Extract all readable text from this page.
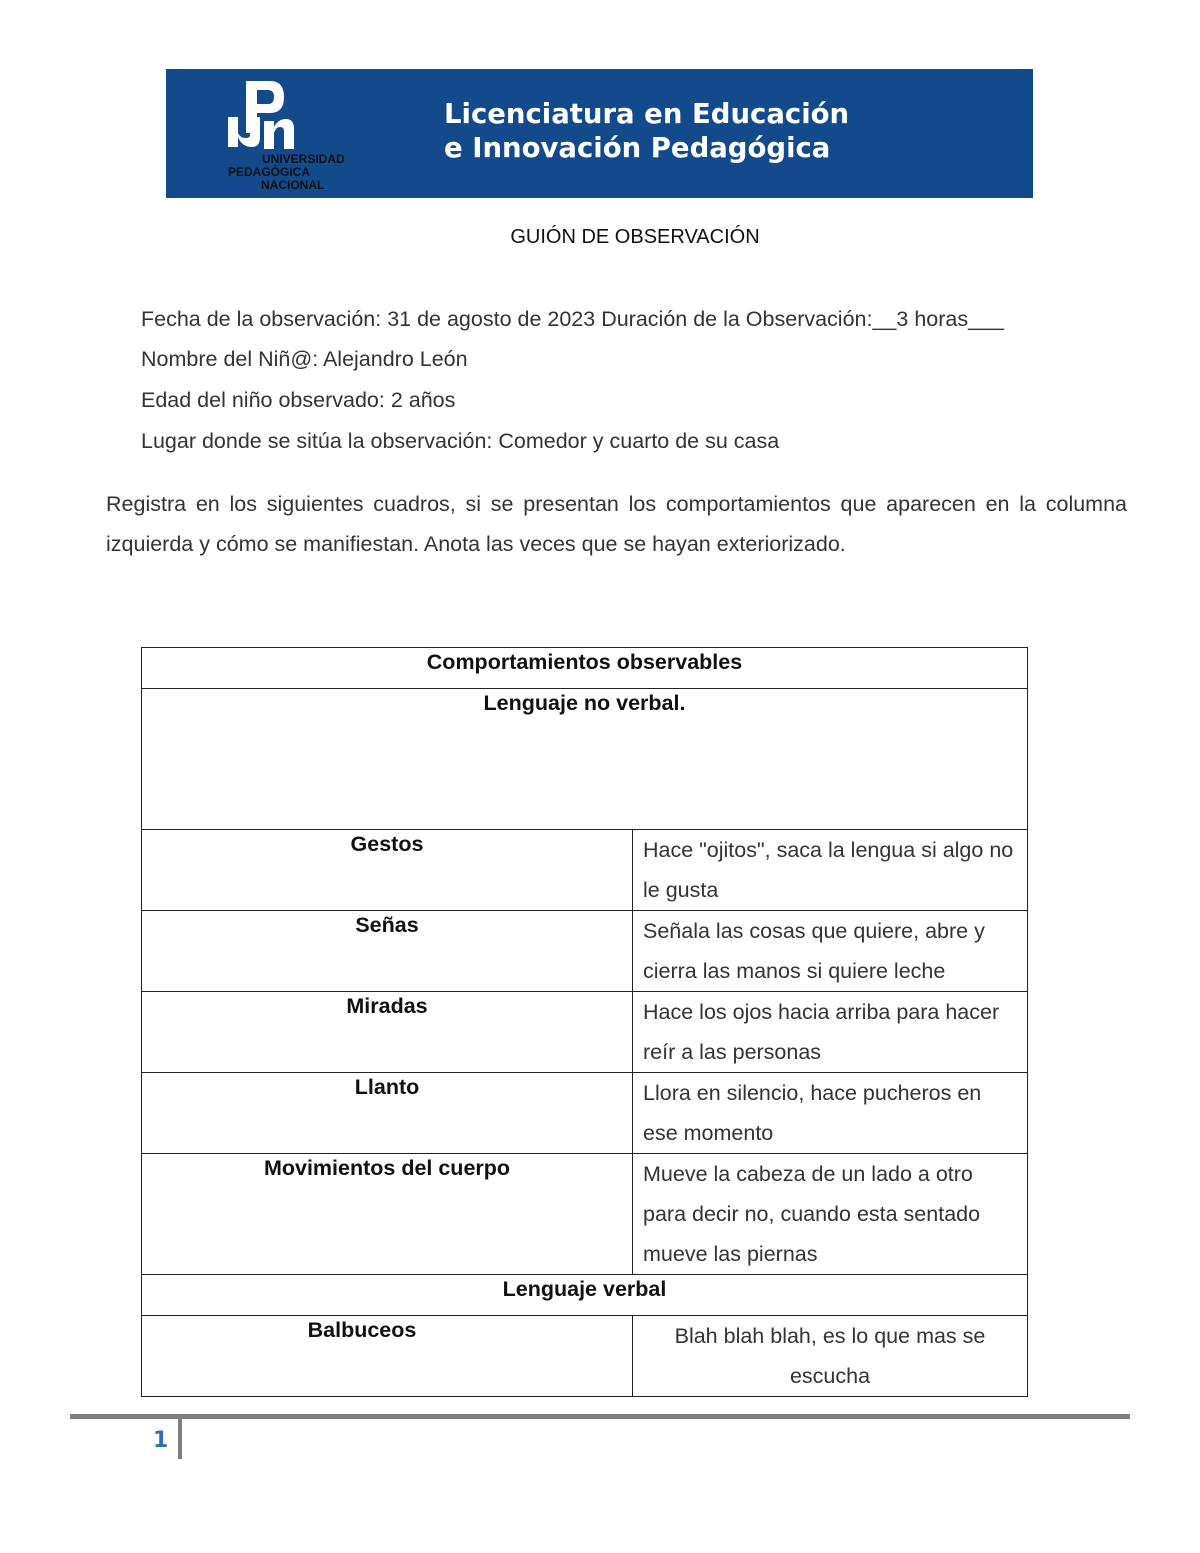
UNIVERSIDAD
PEDAGÓGICA
NACIONAL
Licenciatura en Educación
e Innovación Pedagógica
GUIÓN DE OBSERVACIÓN
Fecha de la observación: 31 de agosto de 2023 Duración de la Observación:__3 horas___
Nombre del Niñ@: Alejandro León
Edad del niño observado: 2 años
Lugar donde se sitúa la observación: Comedor y cuarto de su casa
Registra en los siguientes cuadros, si se presentan los comportamientos que aparecen en la columna izquierda y cómo se manifiestan. Anota las veces que se hayan exteriorizado.
Comportamientos observables	
Lenguaje no verbal.	
Gestos	Hace "ojitos", saca la lengua si algo no le gusta
Señas	Señala las cosas que quiere, abre y cierra las manos si quiere leche
Miradas	Hace los ojos hacia arriba para hacer reír a las personas
Llanto	Llora en silencio, hace pucheros en ese momento
Movimientos del cuerpo	Mueve la cabeza de un lado a otro para decir no, cuando esta sentado mueve las piernas
Lenguaje verbal	
Balbuceos	Blah blah blah, es lo que mas se escucha
1
